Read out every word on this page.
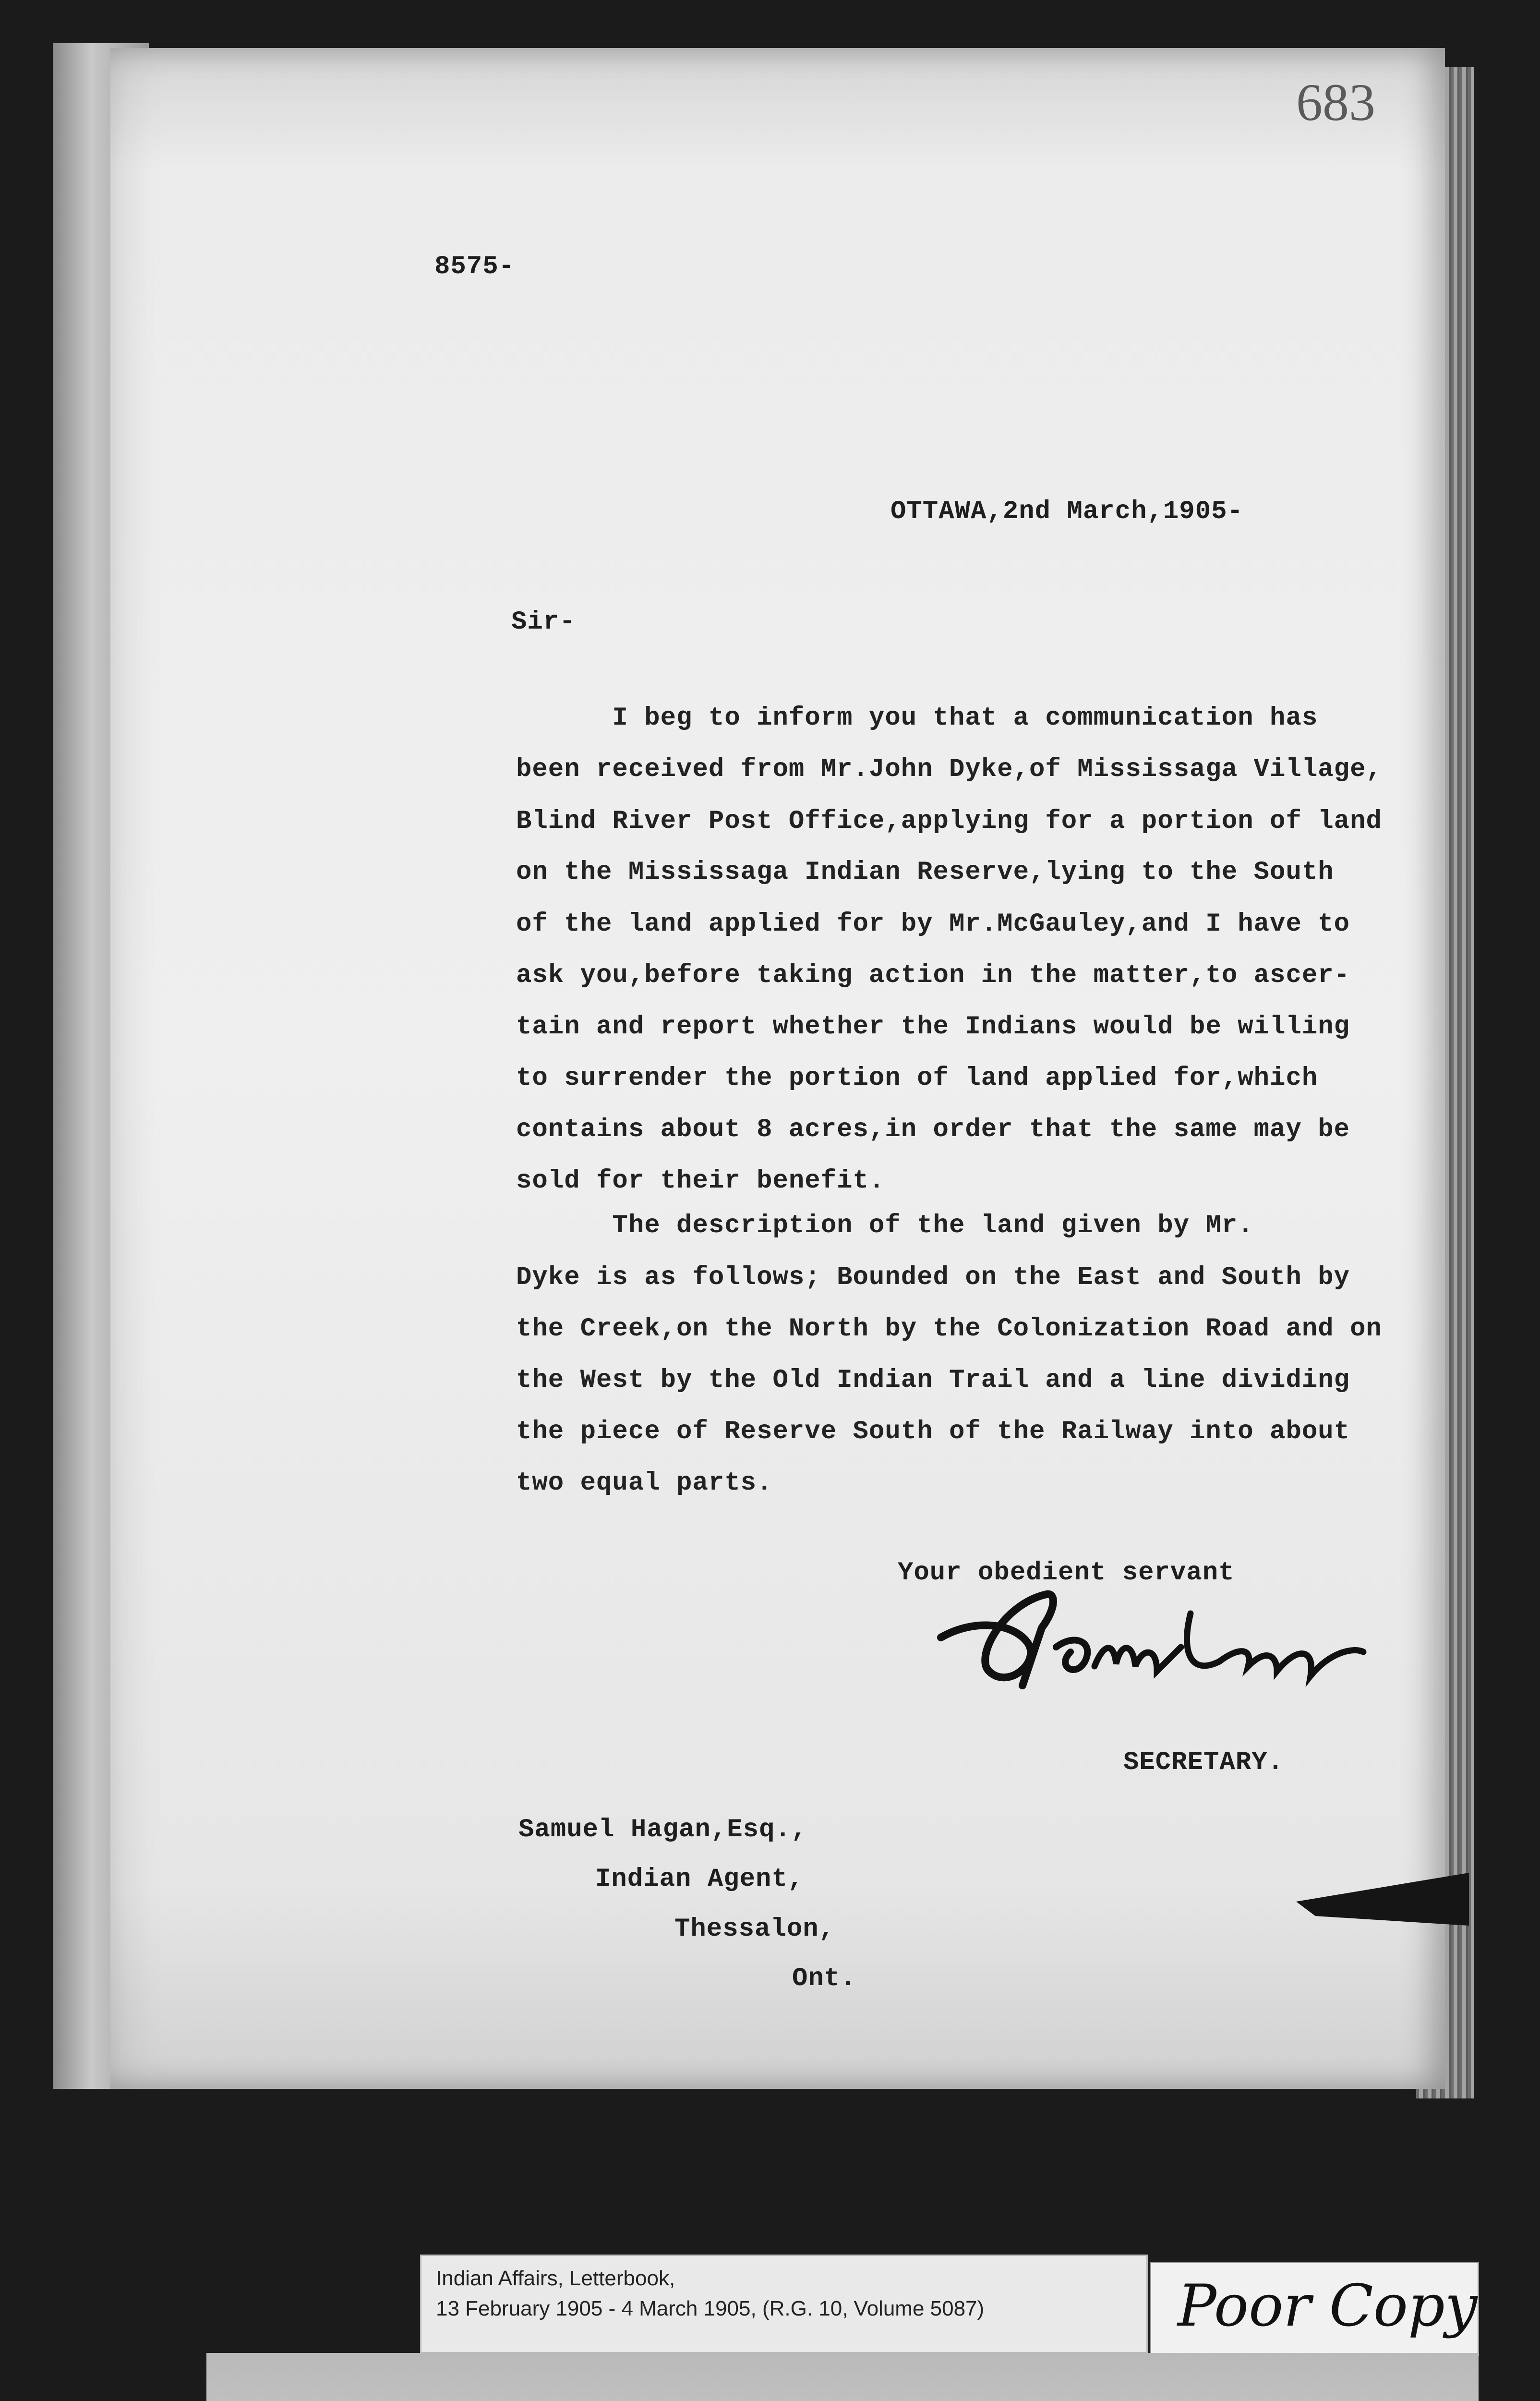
683
8575-
OTTAWA,2nd March,1905-
Sir-
I beg to inform you that a communication has
been received from Mr.John Dyke,of Mississaga Village,
Blind River Post Office,applying for a portion of land
on the Mississaga Indian Reserve,lying to the South
of the land applied for by Mr.McGauley,and I have to
ask you,before taking action in the matter,to ascer-
tain and report whether the Indians would be willing
to surrender the portion of land applied for,which
contains about 8 acres,in order that the same may be
sold for their benefit.
The description of the land given by Mr.
Dyke is as follows; Bounded on the East and South by
the Creek,on the North by the Colonization Road and on
the West by the Old Indian Trail and a line dividing
the piece of Reserve South of the Railway into about
two equal parts.
Your obedient servant
SECRETARY.
Samuel Hagan,Esq.,
Indian Agent,
Thessalon,
Ont.
Indian Affairs, Letterbook,
13 February 1905 - 4 March 1905, (R.G. 10, Volume 5087)	Poor Copy
